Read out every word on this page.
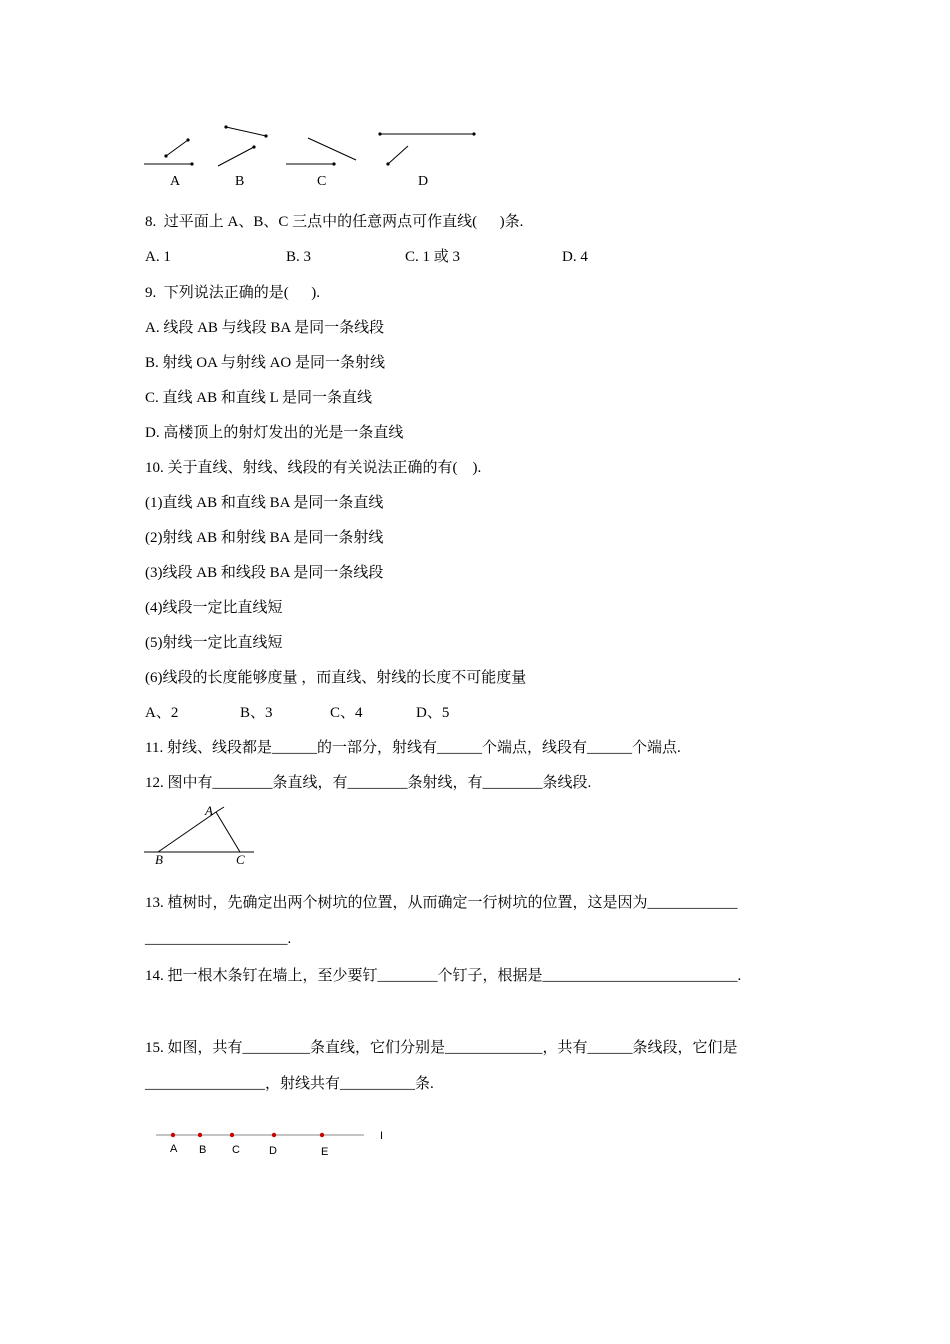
A	B	C	D
8.  过平面上 A、B、C 三点中的任意两点可作直线(      )条.
A. 1	B. 3	C. 1 或 3	D. 4
9.  下列说法正确的是(      ).
A. 线段 AB 与线段 BA 是同一条线段
B. 射线 OA 与射线 AO 是同一条射线
C. 直线 AB 和直线 L 是同一条直线
D. 高楼顶上的射灯发出的光是一条直线
10. 关于直线、射线、线段的有关说法正确的有(    ).
(1)直线 AB 和直线 BA 是同一条直线
(2)射线 AB 和射线 BA 是同一条射线
(3)线段 AB 和线段 BA 是同一条线段
(4)线段一定比直线短
(5)射线一定比直线短
(6)线段的长度能够度量 ，而直线、射线的长度不可能度量
A、2	B、3	C、4	D、5
11. 射线、线段都是______的一部分，射线有______个端点，线段有______个端点.
12. 图中有________条直线，有________条射线，有________条线段.
A
B	C
13. 植树时，先确定出两个树坑的位置，从而确定一行树坑的位置，这是因为____________
___________________.
14. 把一根木条钉在墙上，至少要钉________个钉子，根据是__________________________.
15. 如图，共有_________条直线，它们分别是_____________，共有______条线段，它们是
________________，射线共有__________条.
I
A B C	D	E
